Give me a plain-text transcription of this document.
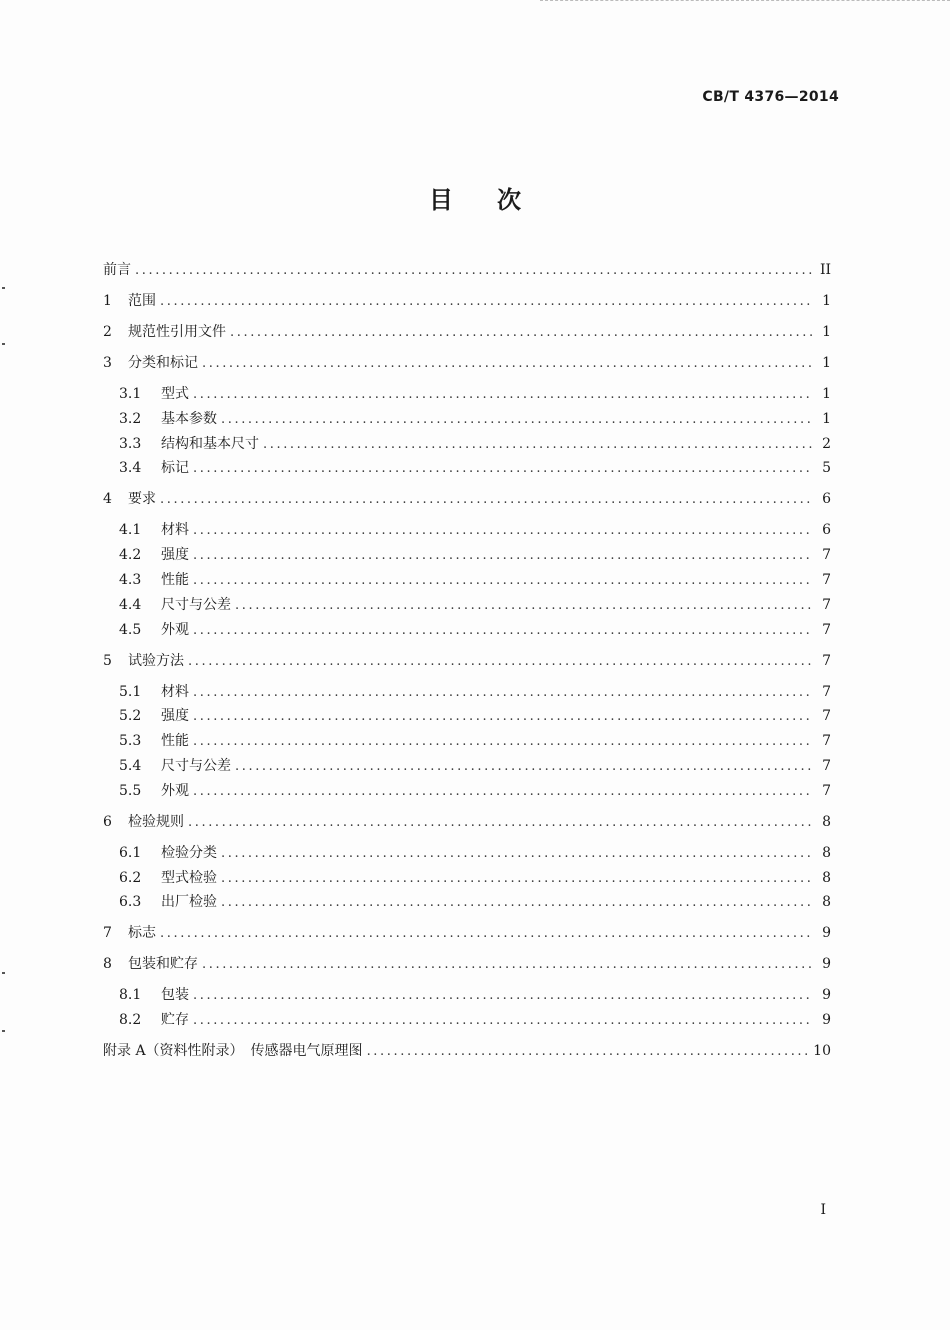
CB/T 4376—2014
目次
前言 .....	II
1	范围 .....	1
2	规范性引用文件 .....	1
3	分类和标记 .....	1
3.1	型式 .....	1
3.2	基本参数 .....	1
3.3	结构和基本尺寸 .....	2
3.4	标记 .....	5
4	要求 .....	6
4.1	材料 .....	6
4.2	强度 .....	7
4.3	性能 .....	7
4.4	尺寸与公差 .....	7
4.5	外观 .....	7
5	试验方法 .....	7
5.1	材料 .....	7
5.2	强度 .....	7
5.3	性能 .....	7
5.4	尺寸与公差 .....	7
5.5	外观 .....	7
6	检验规则 .....	8
6.1	检验分类 .....	8
6.2	型式检验 .....	8
6.3	出厂检验 .....	8
7	标志 .....	9
8	包装和贮存 .....	9
8.1	包装 .....	9
8.2	贮存 .....	9
附录 A（资料性附录）　传感器电气原理图 .....	10
I
